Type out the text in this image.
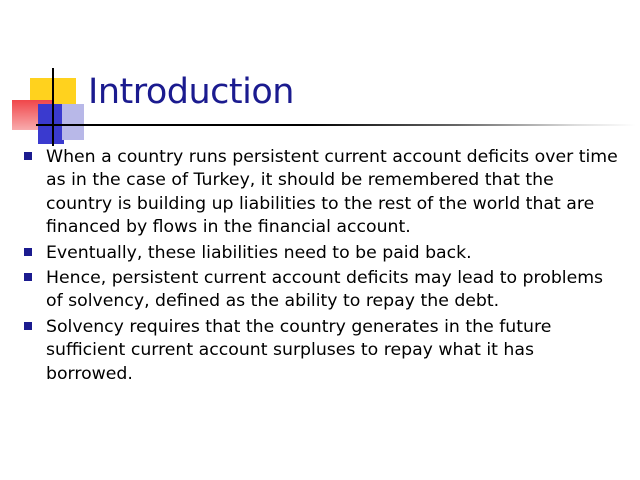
Introduction
When a country runs persistent current account deficits over time as in the case of Turkey, it should be remembered that the country is building up liabilities to the rest of the world that are financed by flows in the financial account.
Eventually, these liabilities need to be paid back.
Hence, persistent current account deficits may lead to problems of solvency, defined as the ability to repay the debt.
Solvency requires that the country generates in the future sufficient current account surpluses to repay what it has borrowed.
